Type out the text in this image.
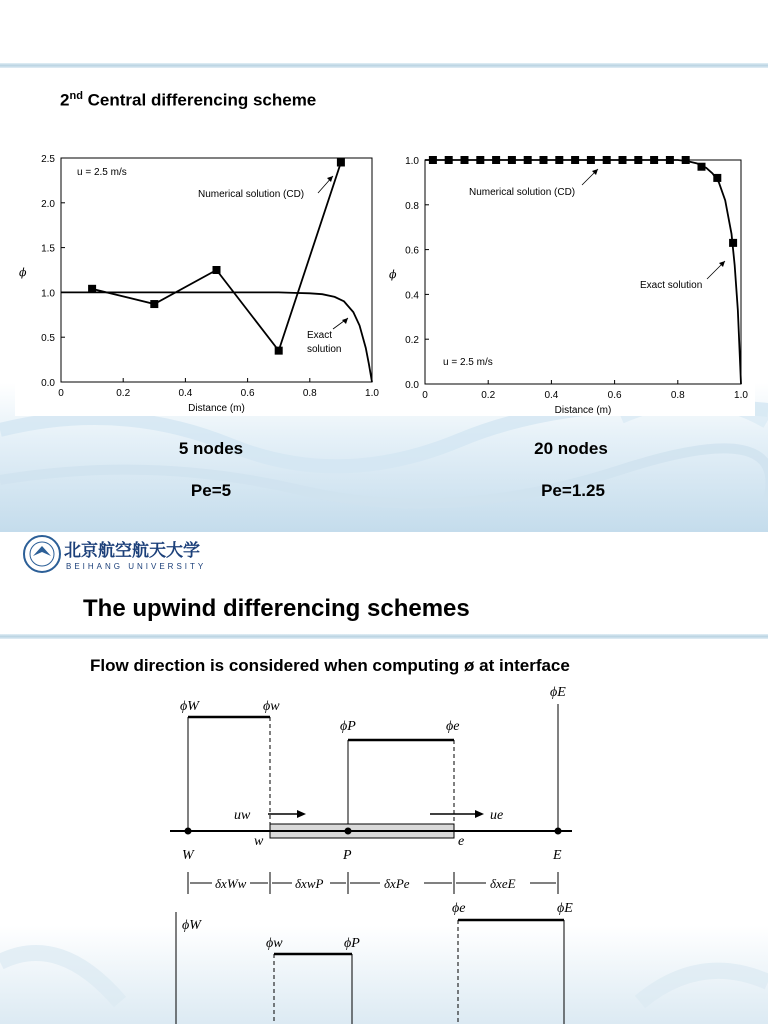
2nd Central differencing scheme
0	0.2	0.4	0.6	0.8	1.0
0.0
0.5
1.0
1.5
2.0
2.5
Distance (m)
ϕ
u = 2.5 m/s
Numerical solution (CD)
Exact
solution
0	0.2	0.4	0.6	0.8	1.0
0.0
0.2
0.4
0.6
0.8
1.0
Distance (m)
ϕ
u = 2.5 m/s
Numerical solution (CD)
Exact solution
5 nodes
Pe=5
20 nodes
Pe=1.25
北京航空航天大学
BEIHANG UNIVERSITY
The upwind differencing schemes
Flow direction is considered when computing ø at interface
ϕW	ϕw
ϕP	ϕe
ϕE
uw	ue
W
w
P
e
E
δxWw	δxwP	δxPe	δxeE
ϕW
ϕw	ϕP
ϕe	ϕE
